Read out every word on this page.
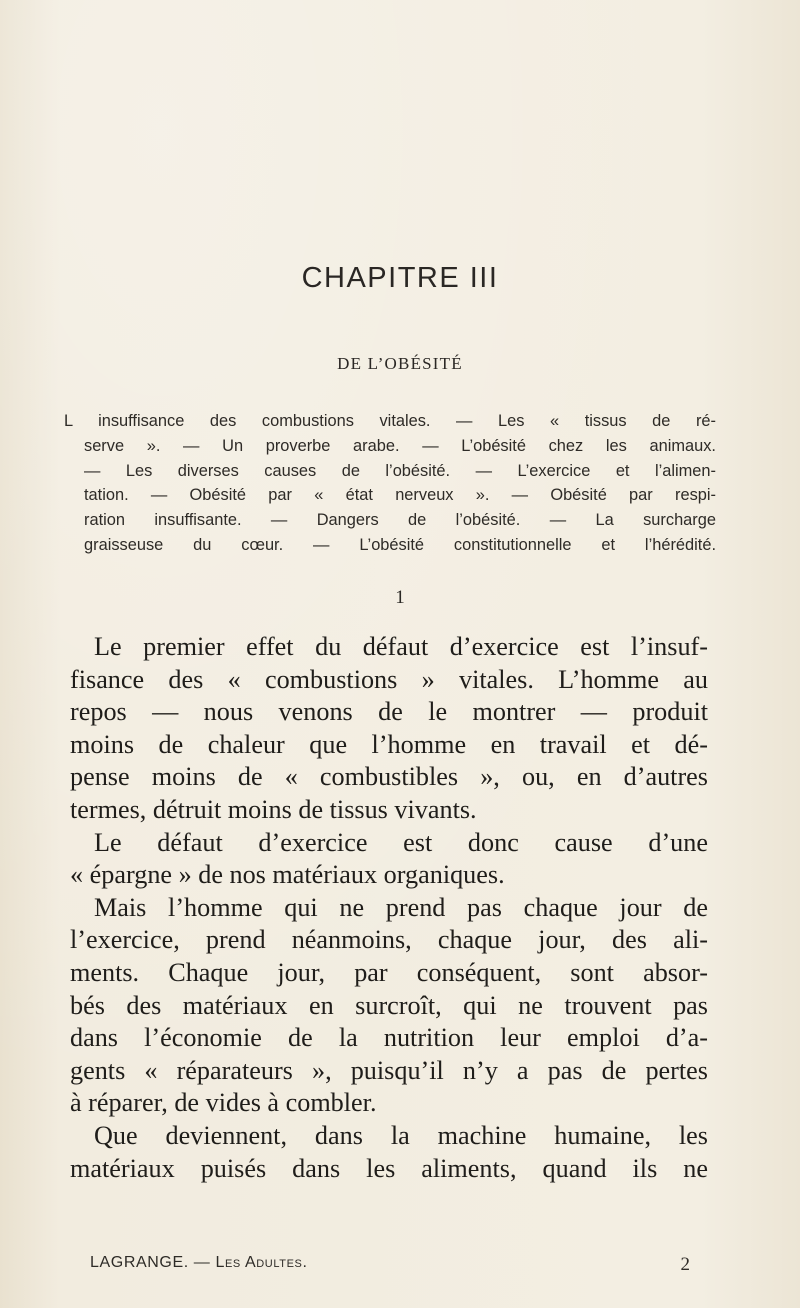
CHAPITRE III
DE L’OBÉSITÉ
L insuffisance des combustions vitales. — Les « tissus de ré-
serve ». — Un proverbe arabe. — L’obésité chez les animaux.
— Les diverses causes de l’obésité. — L’exercice et l’alimen-
tation. — Obésité par « état nerveux ». — Obésité par respi-
ration insuffisante. — Dangers de l’obésité. — La surcharge
graisseuse du cœur. — L’obésité constitutionnelle et l’hérédité.
1
Le premier effet du défaut d’exercice est l’insuf-
fisance des « combustions » vitales. L’homme au
repos — nous venons de le montrer — produit
moins de chaleur que l’homme en travail et dé-
pense moins de « combustibles », ou, en d’autres
termes, détruit moins de tissus vivants.
Le défaut d’exercice est donc cause d’une
« épargne » de nos matériaux organiques.
Mais l’homme qui ne prend pas chaque jour de
l’exercice, prend néanmoins, chaque jour, des ali-
ments. Chaque jour, par conséquent, sont absor-
bés des matériaux en surcroît, qui ne trouvent pas
dans l’économie de la nutrition leur emploi d’a-
gents « réparateurs », puisqu’il n’y a pas de pertes
à réparer, de vides à combler.
Que deviennent, dans la machine humaine, les
matériaux puisés dans les aliments, quand ils ne
LAGRANGE. — Les Adultes.	2
